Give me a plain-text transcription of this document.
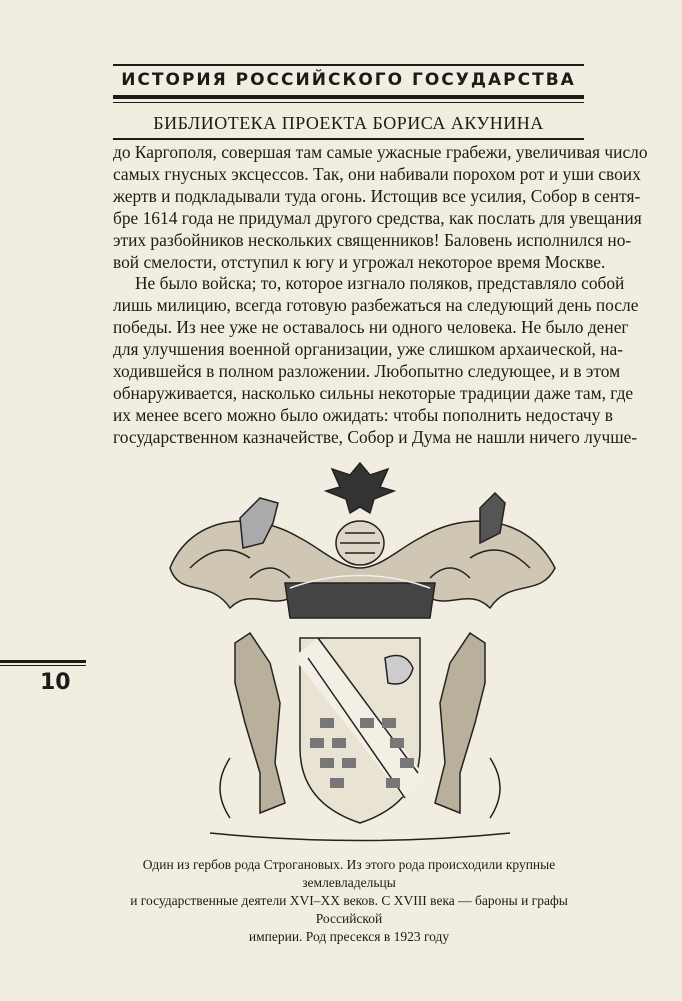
ИСТОРИЯ РОССИЙСКОГО ГОСУДАРСТВА
БИБЛИОТЕКА ПРОЕКТА БОРИСА АКУНИНА
до Каргополя, совершая там самые ужасные грабежи, увеличивая число
самых гнусных эксцессов. Так, они набивали порохом рот и уши своих
жертв и подкладывали туда огонь. Истощив все усилия, Собор в сентя-
бре 1614 года не придумал другого средства, как послать для увещания
этих разбойников нескольких священников! Баловень исполнился но-
вой смелости, отступил к югу и угрожал некоторое время Москве.
Не было войска; то, которое изгнало поляков, представляло собой
лишь милицию, всегда готовую разбежаться на следующий день после
победы. Из нее уже не оставалось ни одного человека. Не было денег
для улучшения военной организации, уже слишком архаической, на-
ходившейся в полном разложении. Любопытно следующее, и в этом
обнаруживается, насколько сильны некоторые традиции даже там, где
их менее всего можно было ожидать: чтобы пополнить недостачу в
государственном казначействе, Собор и Дума не нашли ничего лучше-
10
Один из гербов рода Строгановых. Из этого рода происходили крупные землевладельцы
и государственные деятели XVI–XX веков. С XVIII века — бароны и графы Российской
империи. Род пресекся в 1923 году
